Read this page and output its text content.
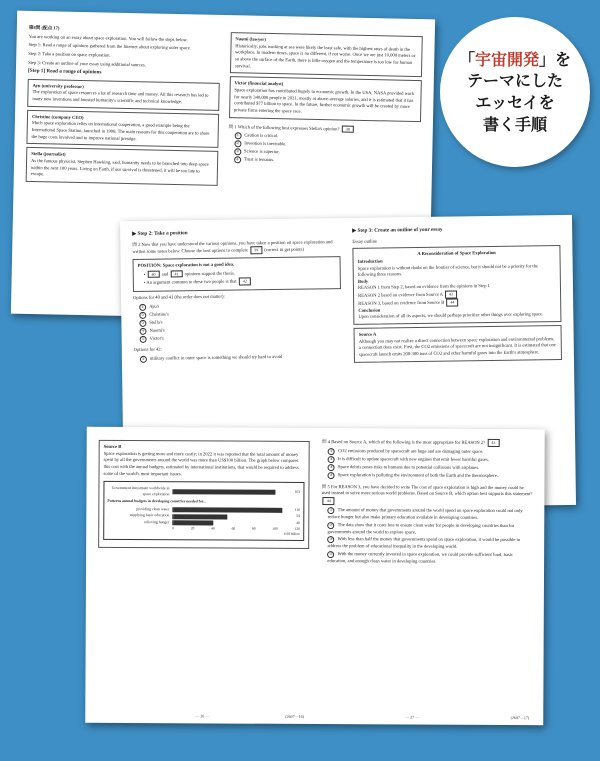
第8問 (配点 17)
You are working on an essay about space exploration. You will follow the steps below.
Step 1: Read a range of opinions gathered from the Internet about exploring outer space.
Step 2: Take a position on space exploration.
Step 3: Create an outline of your essay using additional sources.
[Step 1] Read a range of opinions
Ayu (university professor)
The exploration of space resources a lot of research time and money. All this research has led to many new inventions and boosted humanity's scientific and technical knowledge.
Christine (company CEO)
Much space exploration relies on international cooperation, a good example being the International Space Station, launched in 1998. The main reasons for this cooperation are to share the huge costs involved and to improve national prestige.
Stella (journalist)
As the famous physicist, Stephen Hawking, said, humanity needs to be branched into deep space within the next 100 years. Living on Earth, if our survival is threatened, it will be too late to escape.
Naomi (lawyer)
Historically, jobs working at sea were likely the least safe, with the highest rates of death in the workplace. In modern times, space is no different, if not worse. Once we are just 10,000 meters or so above the surface of the Earth, there is little oxygen and the temperature is too low for human survival.
Victor (financial analyst)
Space exploration has contributed hugely to economic growth. In the USA, NASA provided work for nearly 340,000 people in 2021, mostly at above-average salaries, and it is estimated that it has contributed $77 billion to space. In the future, further economic growth will be created by more private firms entering the space race.
問 1 Which of the following best expresses Stella's opinion? 38
① Caution is critical.
② Invention is inevitable.
③ Science is superior.
④ Trust is tenuous.
「宇宙開発」を
テーマにした
エッセイを
書く手順
▶ Step 2: Take a position
問 2 Now that you have understood the various opinions, you have taken a position on space exploration and written some notes below. Choose the best options to complete 39 (correct in get points)
POSITION: Space exploration is not a good idea.
• 40 and 41 opinions support the thesis.
• An argument common to these two people is that 42
Options for 40 and 41 (the order does not matter):
① Ayu's
② Christine's
③ Stella's
④ Naomi's
⑤ Victor's
Options for 42:
① military conflict in outer space is something we should try hard to avoid
▶ Step 3: Create an outline of your essay
Essay outline
A Reconsideration of Space Exploration
Introduction
Space exploration is without doubt on the frontier of science, but it should not be a priority for the following three reasons.
Body
REASON 1 from Step 2, based on evidence from the opinions in Step 1
REASON 2 based on evidence from Source A 43
REASON 3, based on evidence from Source B 44
Conclusion
Upon consideration of all its aspects, we should perhaps prioritize other things over exploring space.
Source A
Although you may not realize a direct connection between space exploration and environmental problems, a connection does exist. First, the CO2 emissions of spacecraft are not insignificant. It is estimated that one spacecraft launch emits 200-300 tons of CO2 and other harmful gases into the Earth's atmosphere.
Source B
Space exploration is getting more and more costly; in 2022 it was reported that the total amount of money spent by all the governments around the world was more than US$100 billion. The graph below compares this cost with the annual budgets, estimated by international institutions, that would be required to address some of the world's most important issues.
Government investment worldwide in space exploration	103
Patterns annual budgets in developing countries needed for...
providing clean water	110
supplying basic education	54
relieving hunger	40
0	20	40	60	80	100	120
US$ billion
問 4 Based on Source A, which of the following is the most appropriate for REASON 2? 43
① CO2 emissions produced by spacecraft are huge and are damaging outer space.
② It is difficult to update spacecraft with new engines that emit fewer harmful gases.
③ Space debris poses risks to humans due to potential collisions with airplanes.
④ Space exploration is polluting the environment of both the Earth and the thermosphere.
問 5 For REASON 3, you have decided to write The cost of space exploration is high and the money could be used instead to solve more serious world problems. Based on Source B, which option best supports this statement? 44
① The amount of money that governments around the world spend on space exploration could not only reduce hunger but also make primary education available in developing countries.
② The data show that it costs less to ensure clean water for people in developing countries than for governments around the world to explore space.
③ With less than half the money that governments spend on space exploration, it would be possible to address the problem of educational inequality in the developing world.
④ With the money currently invested in space exploration, we could provide sufficient food, basic education, and enough clean water in developing countries.
— 26 —	(2607—16)	— 27 —	(2607—17)
